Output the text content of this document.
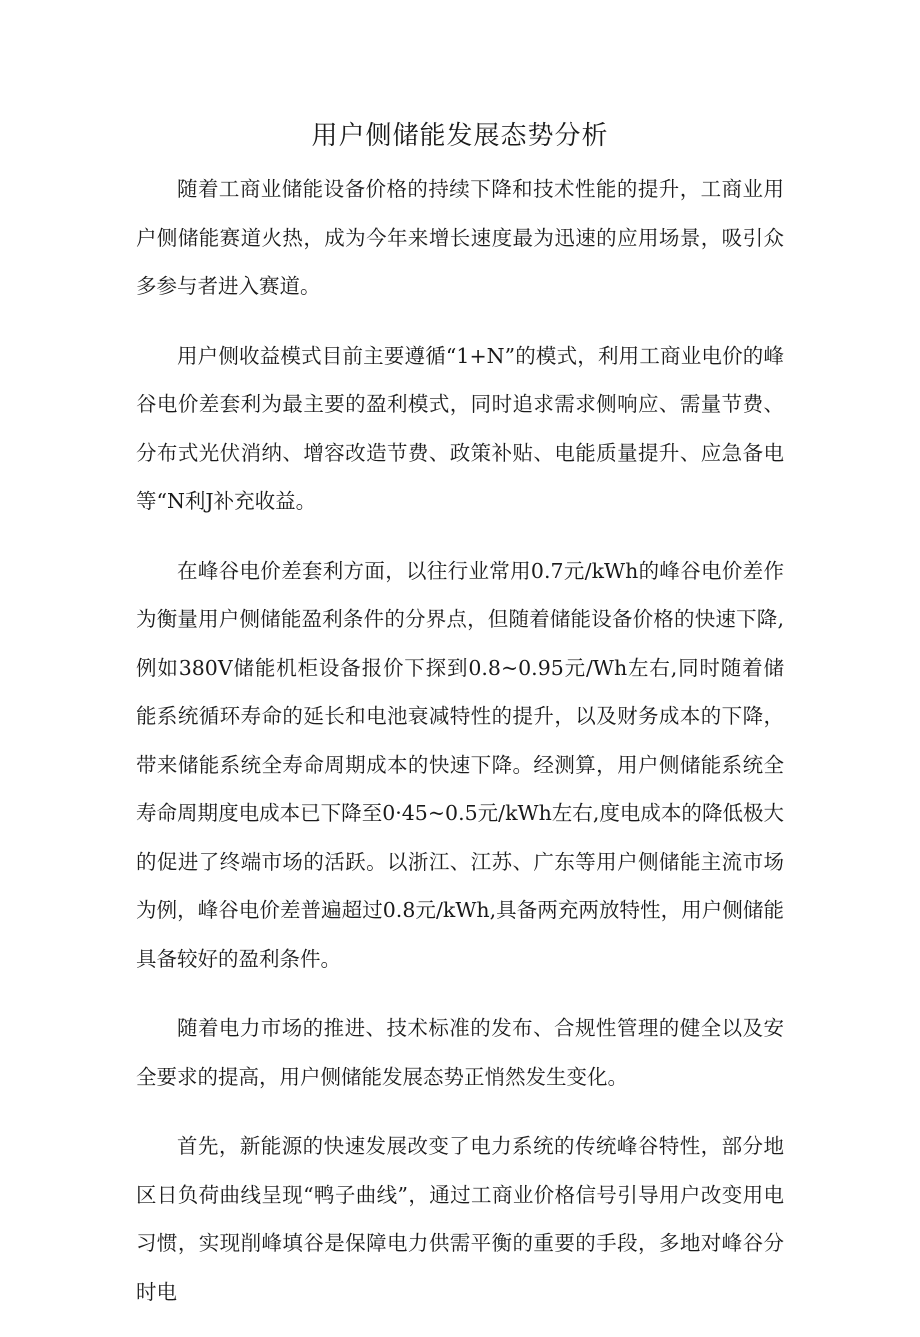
用户侧储能发展态势分析

随着工商业储能设备价格的持续下降和技术性能的提升，工商业用户侧储能赛道火热，成为今年来增长速度最为迅速的应用场景，吸引众多参与者进入赛道。

用户侧收益模式目前主要遵循“1+N”的模式，利用工商业电价的峰谷电价差套利为最主要的盈利模式，同时追求需求侧响应、需量节费、分布式光伏消纳、增容改造节费、政策补贴、电能质量提升、应急备电等“N利J补充收益。

在峰谷电价差套利方面，以往行业常用0.7元/kWh的峰谷电价差作为衡量用户侧储能盈利条件的分界点，但随着储能设备价格的快速下降,例如380V储能机柜设备报价下探到0.8~0.95元/Wh左右,同时随着储能系统循环寿命的延长和电池衰减特性的提升，以及财务成本的下降，带来储能系统全寿命周期成本的快速下降。经测算，用户侧储能系统全寿命周期度电成本已下降至0·45~0.5元/kWh左右,度电成本的降低极大的促进了终端市场的活跃。以浙江、江苏、广东等用户侧储能主流市场为例，峰谷电价差普遍超过0.8元/kWh,具备两充两放特性，用户侧储能具备较好的盈利条件。

随着电力市场的推进、技术标准的发布、合规性管理的健全以及安全要求的提高，用户侧储能发展态势正悄然发生变化。

首先，新能源的快速发展改变了电力系统的传统峰谷特性，部分地区日负荷曲线呈现“鸭子曲线”，通过工商业价格信号引导用户改变用电习惯，实现削峰填谷是保障电力供需平衡的重要的手段，多地对峰谷分时电
